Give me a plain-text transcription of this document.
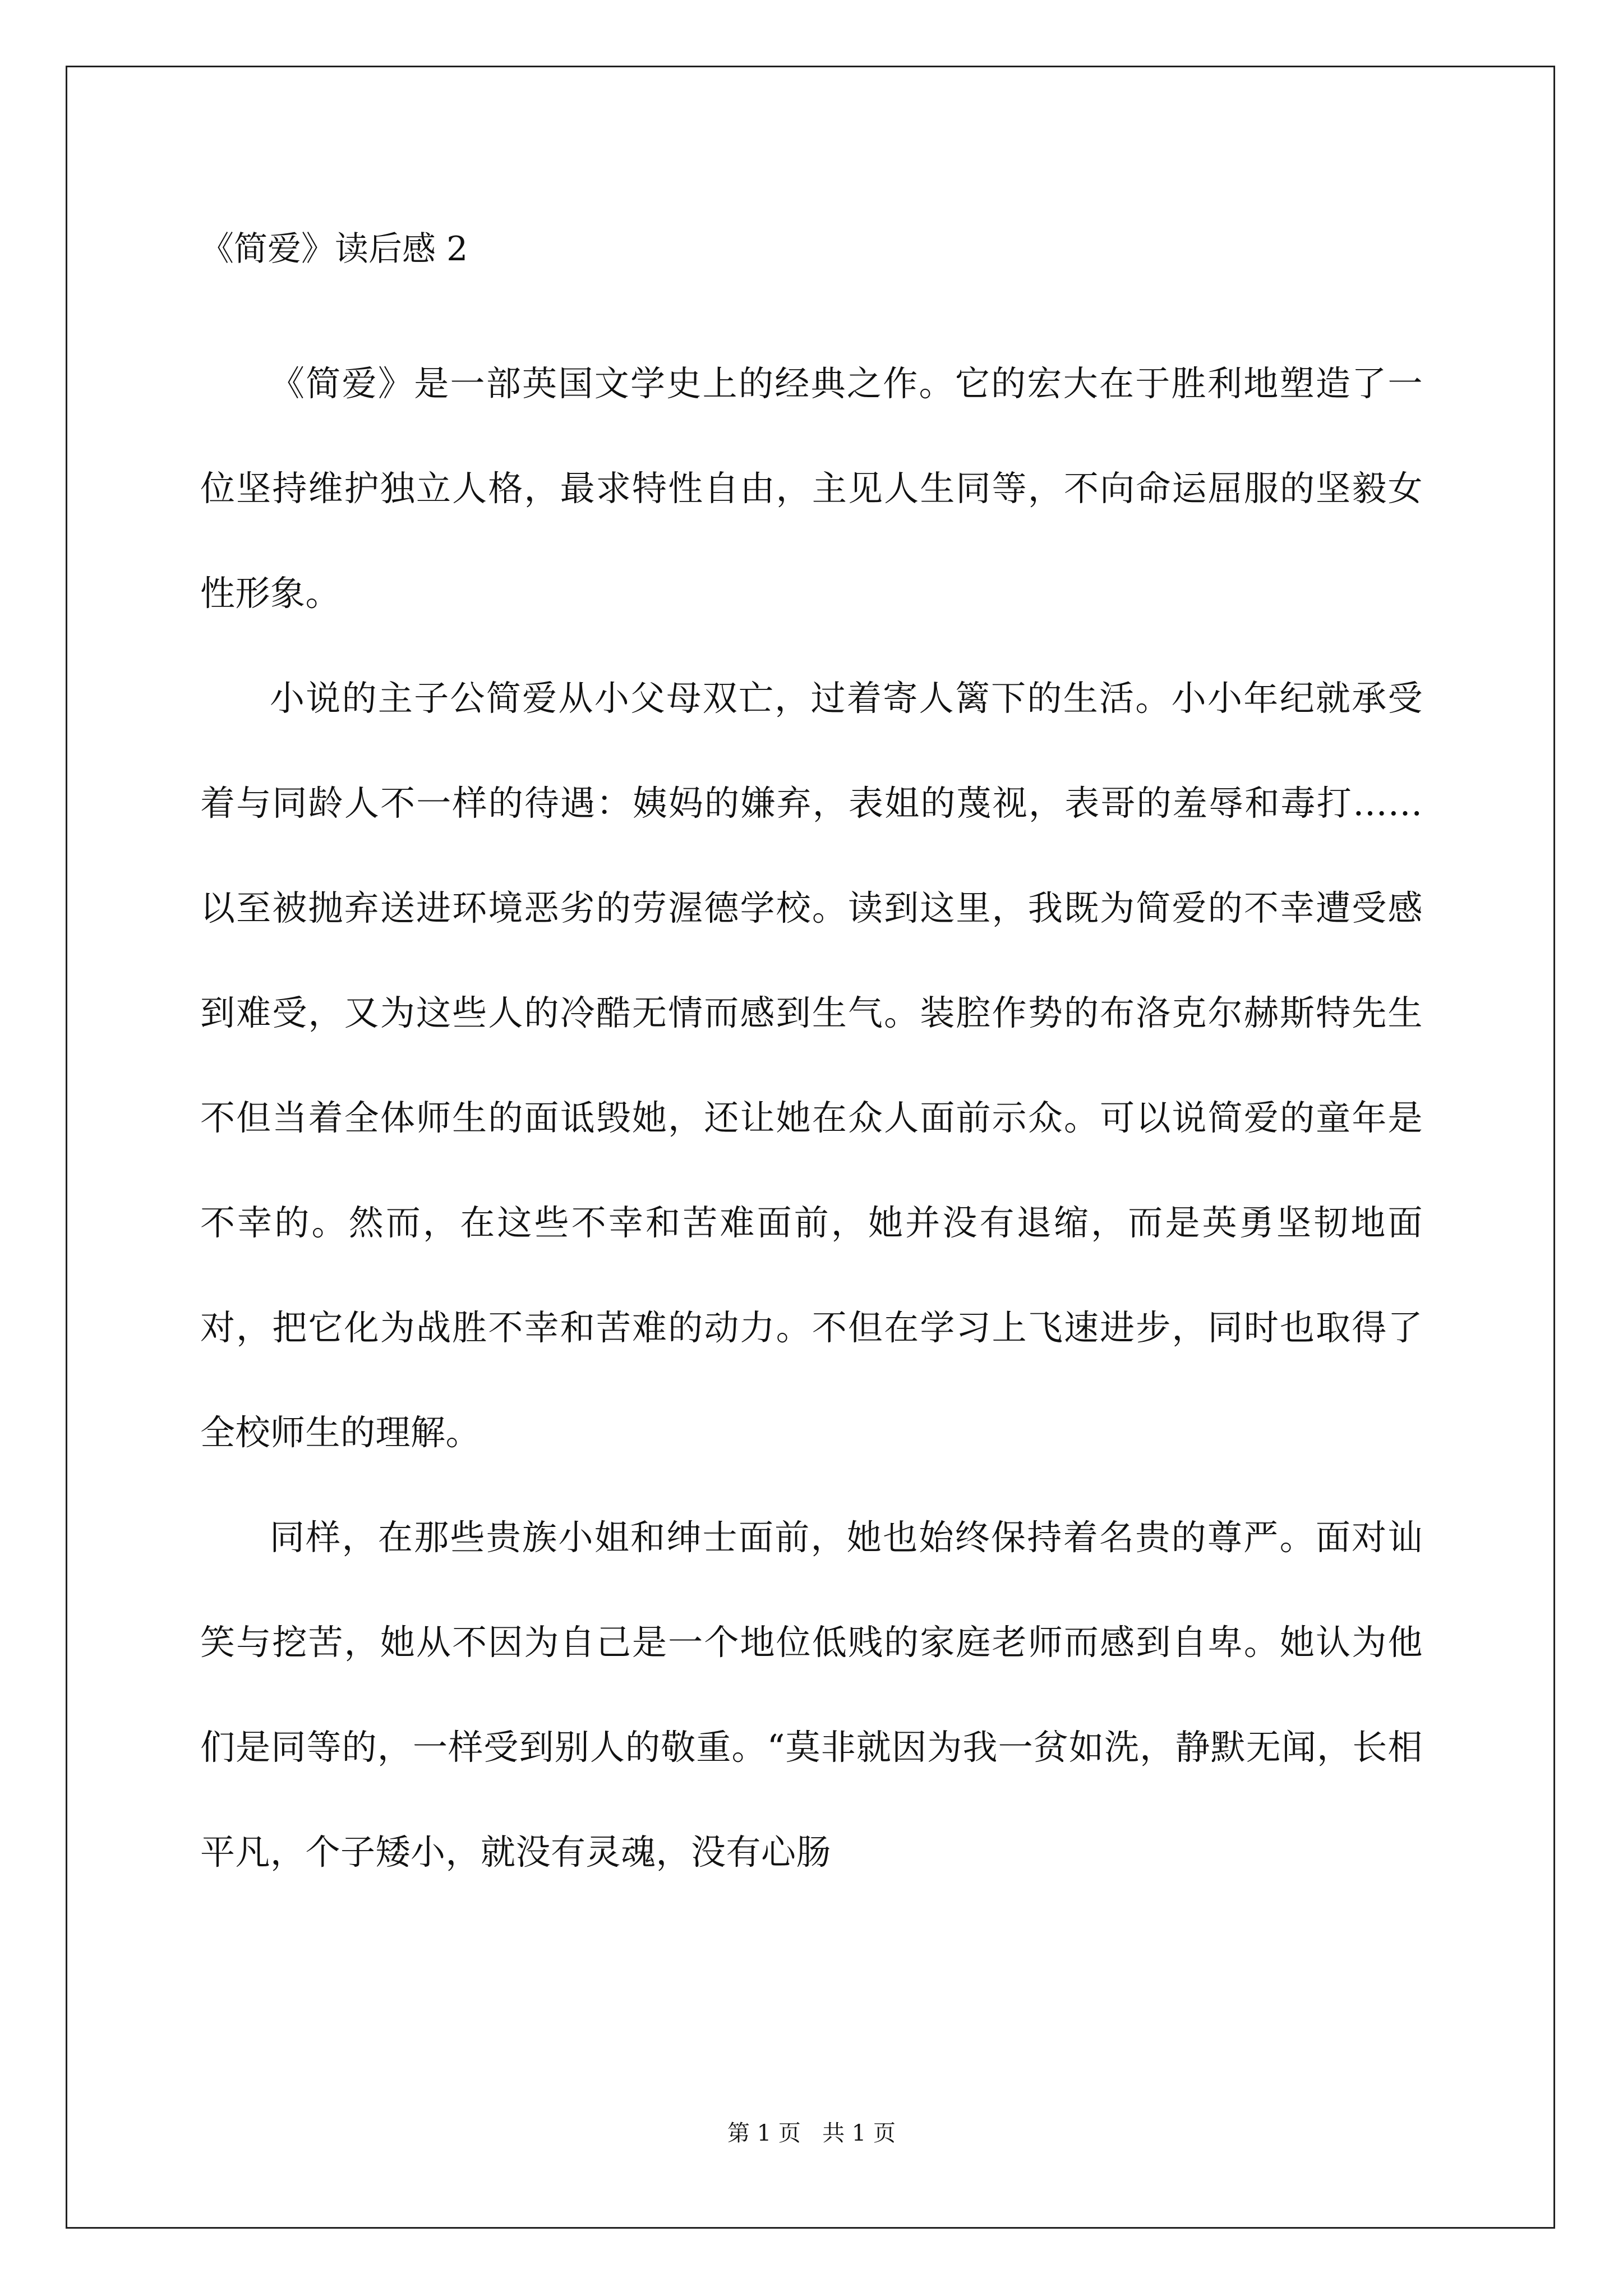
《简爱》读后感 2

《简爱》是一部英国文学史上的经典之作。它的宏大在于胜利地塑造了一位坚持维护独立人格，最求特性自由，主见人生同等，不向命运屈服的坚毅女性形象。

小说的主子公简爱从小父母双亡，过着寄人篱下的生活。小小年纪就承受着与同龄人不一样的待遇：姨妈的嫌弃，表姐的蔑视，表哥的羞辱和毒打……以至被抛弃送进环境恶劣的劳渥德学校。读到这里，我既为简爱的不幸遭受感到难受，又为这些人的冷酷无情而感到生气。装腔作势的布洛克尔赫斯特先生不但当着全体师生的面诋毁她，还让她在众人面前示众。可以说简爱的童年是不幸的。然而，在这些不幸和苦难面前，她并没有退缩，而是英勇坚韧地面对，把它化为战胜不幸和苦难的动力。不但在学习上飞速进步，同时也取得了全校师生的理解。

同样，在那些贵族小姐和绅士面前，她也始终保持着名贵的尊严。面对讪笑与挖苦，她从不因为自己是一个地位低贱的家庭老师而感到自卑。她认为他们是同等的，一样受到别人的敬重。“莫非就因为我一贫如洗，静默无闻，长相平凡，个子矮小，就没有灵魂，没有心肠

第 1 页   共 1 页
